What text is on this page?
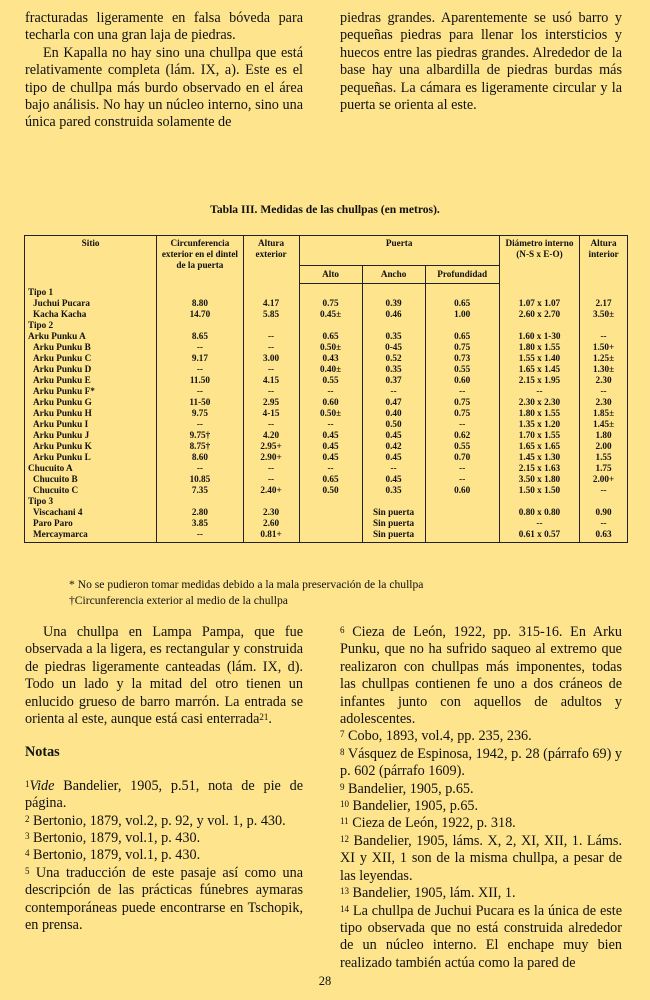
fracturadas ligeramente en falsa bóveda para techarla con una gran laja de piedras.

En Kapalla no hay sino una chullpa que está relativamente completa (lám. IX, a). Este es el tipo de chullpa más burdo observado en el área bajo análisis. No hay un núcleo interno, sino una única pared construida solamente de

piedras grandes. Aparentemente se usó barro y pequeñas piedras para llenar los intersticios y huecos entre las piedras grandes. Alrededor de la base hay una albardilla de piedras burdas más pequeñas. La cámara es ligeramente circular y la puerta se orienta al este.

Tabla III. Medidas de las chullpas (en metros).
Sitio	Circunferencia exterior en el dintel de la puerta	Altura exterior	Puerta			Diámetro interno (N-S x E-O)	Altura interior
			Alto	Ancho	Profundidad		
Tipo 1							
Juchui Pucara	8.80	4.17	0.75	0.39	0.65	1.07 x 1.07	2.17
Kacha Kacha	14.70	5.85	0.45±	0.46	1.00	2.60 x 2.70	3.50±
Tipo 2							
Arku Punku A	8.65	--	0.65	0.35	0.65	1.60 x 1-30	--
Arku Punku B	--	--	0.50±	0-45	0.75	1.80 x 1.55	1.50+
Arku Punku C	9.17	3.00	0.43	0.52	0.73	1.55 x 1.40	1.25±
Arku Punku D	--	--	0.40±	0.35	0.55	1.65 x 1.45	1.30±
Arku Punku E	11.50	4.15	0.55	0.37	0.60	2.15 x 1.95	2.30
Arku Punku F*	--	--	--	--	--	--	--
Arku Punku G	11-50	2.95	0.60	0.47	0.75	2.30 x 2.30	2.30
Arku Punku H	9.75	4-15	0.50±	0.40	0.75	1.80 x 1.55	1.85±
Arku Punku I	--	--	--	0.50	--	1.35 x 1.20	1.45±
Arku Punku J	9.75†	4.20	0.45	0.45	0.62	1.70 x 1.55	1.80
Arku Punku K	8.75†	2.95+	0.45	0.42	0.55	1.65 x 1.65	2.00
Arku Punku L	8.60	2.90+	0.45	0.45	0.70	1.45 x 1.30	1.55
Chucuito A	--	--	--	--	--	2.15 x 1.63	1.75
Chucuito B	10.85	--	0.65	0.45	--	3.50 x 1.80	2.00+
Chucuito C	7.35	2.40+	0.50	0.35	0.60	1.50 x 1.50	--
Tipo 3							
Viscachani 4	2.80	2.30		Sin puerta		0.80 x 0.80	0.90
Paro Paro	3.85	2.60		Sin puerta		--	--
Mercaymarca	--	0.81+		Sin puerta		0.61 x 0.57	0.63
* No se pudieron tomar medidas debido a la mala preservación de la chullpa
†Circunferencia exterior al medio de la chullpa

Una chullpa en Lampa Pampa, que fue observada a la ligera, es rectangular y construida de piedras ligeramente canteadas (lám. IX, d). Todo un lado y la mitad del otro tienen un enlucido grueso de barro marrón. La entrada se orienta al este, aunque está casi enterrada$^{21}$.

Notas

$^1$Vide Bandelier, 1905, p.51, nota de pie de página.

$^2$ Bertonio, 1879, vol.2, p. 92, y vol. 1, p. 430.

$^3$ Bertonio, 1879, vol.1, p. 430.

$^4$ Bertonio, 1879, vol.1, p. 430.

$^5$ Una traducción de este pasaje así como una descripción de las prácticas fúnebres aymaras contemporáneas puede encontrarse en Tschopik, en prensa.

$^6$ Cieza de León, 1922, pp. 315-16. En Arku Punku, que no ha sufrido saqueo al extremo que realizaron con chullpas más imponentes, todas las chullpas contienen fe uno a dos cráneos de infantes junto con aquellos de adultos y adolescentes.

$^7$ Cobo, 1893, vol.4, pp. 235, 236.

$^8$ Vásquez de Espinosa, 1942, p. 28 (párrafo 69) y p. 602 (párrafo 1609).

$^9$ Bandelier, 1905, p.65.

$^{10}$ Bandelier, 1905, p.65.

$^{11}$ Cieza de León, 1922, p. 318.

$^{12}$ Bandelier, 1905, láms. X, 2, XI, XII, 1. Láms. XI y XII, 1 son de la misma chullpa, a pesar de las leyendas.

$^{13}$ Bandelier, 1905, lám. XII, 1.

$^{14}$ La chullpa de Juchui Pucara es la única de este tipo observada que no está construida alrededor de un núcleo interno. El enchape muy bien realizado también actúa como la pared de

28
